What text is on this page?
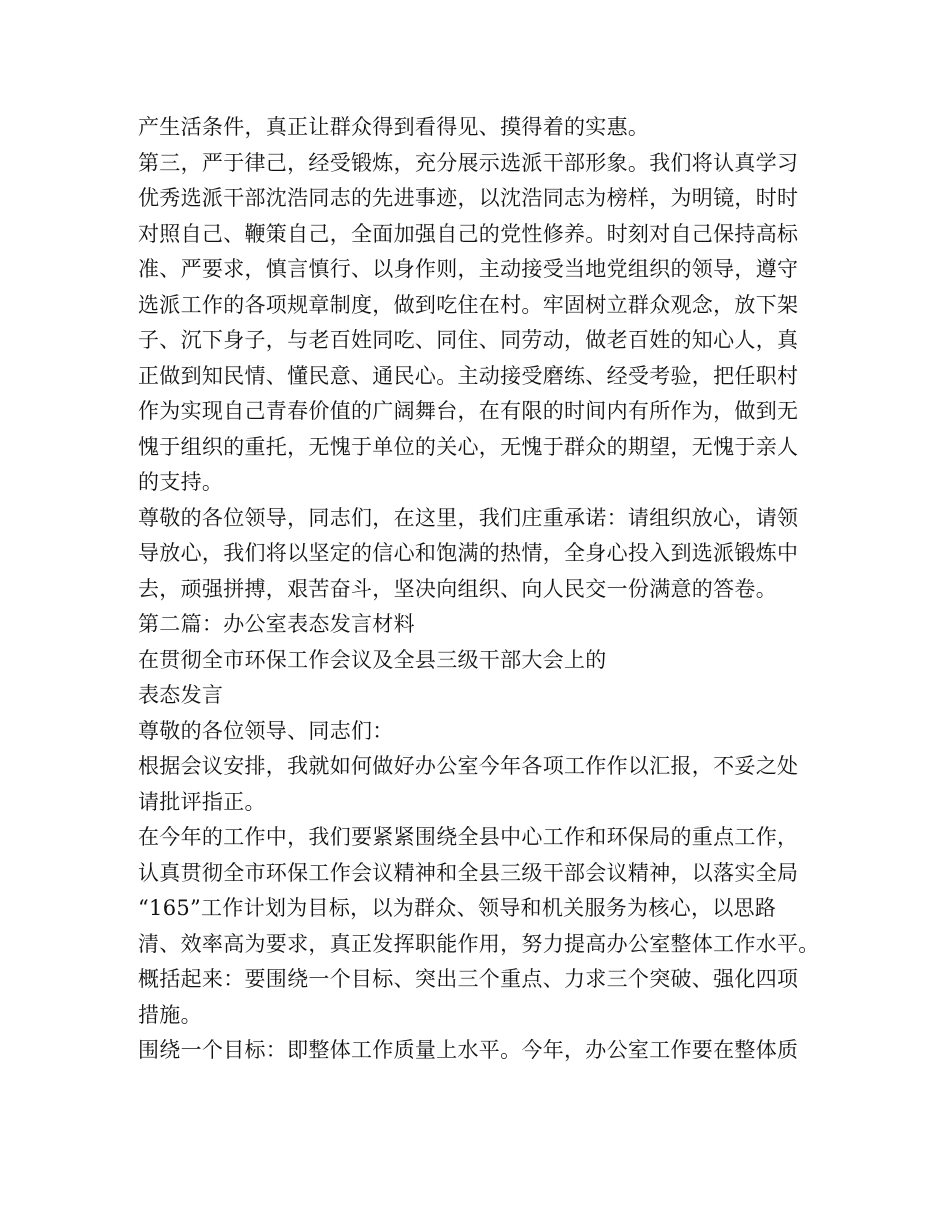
产生活条件，真正让群众得到看得见、摸得着的实惠。
第三，严于律己，经受锻炼，充分展示选派干部形象。我们将认真学习
优秀选派干部沈浩同志的先进事迹，以沈浩同志为榜样，为明镜，时时
对照自己、鞭策自己，全面加强自己的党性修养。时刻对自己保持高标
准、严要求，慎言慎行、以身作则，主动接受当地党组织的领导，遵守
选派工作的各项规章制度，做到吃住在村。牢固树立群众观念，放下架
子、沉下身子，与老百姓同吃、同住、同劳动，做老百姓的知心人，真
正做到知民情、懂民意、通民心。主动接受磨练、经受考验，把任职村
作为实现自己青春价值的广阔舞台，在有限的时间内有所作为，做到无
愧于组织的重托，无愧于单位的关心，无愧于群众的期望，无愧于亲人
的支持。
尊敬的各位领导，同志们，在这里，我们庄重承诺：请组织放心，请领
导放心，我们将以坚定的信心和饱满的热情，全身心投入到选派锻炼中
去，顽强拼搏，艰苦奋斗，坚决向组织、向人民交一份满意的答卷。
第二篇：办公室表态发言材料
在贯彻全市环保工作会议及全县三级干部大会上的
表态发言
尊敬的各位领导、同志们：
根据会议安排，我就如何做好办公室今年各项工作作以汇报，不妥之处
请批评指正。
在今年的工作中，我们要紧紧围绕全县中心工作和环保局的重点工作，
认真贯彻全市环保工作会议精神和全县三级干部会议精神，以落实全局
“165”工作计划为目标，以为群众、领导和机关服务为核心，以思路
清、效率高为要求，真正发挥职能作用，努力提高办公室整体工作水平。
概括起来：要围绕一个目标、突出三个重点、力求三个突破、强化四项
措施。
围绕一个目标：即整体工作质量上水平。今年，办公室工作要在整体质
